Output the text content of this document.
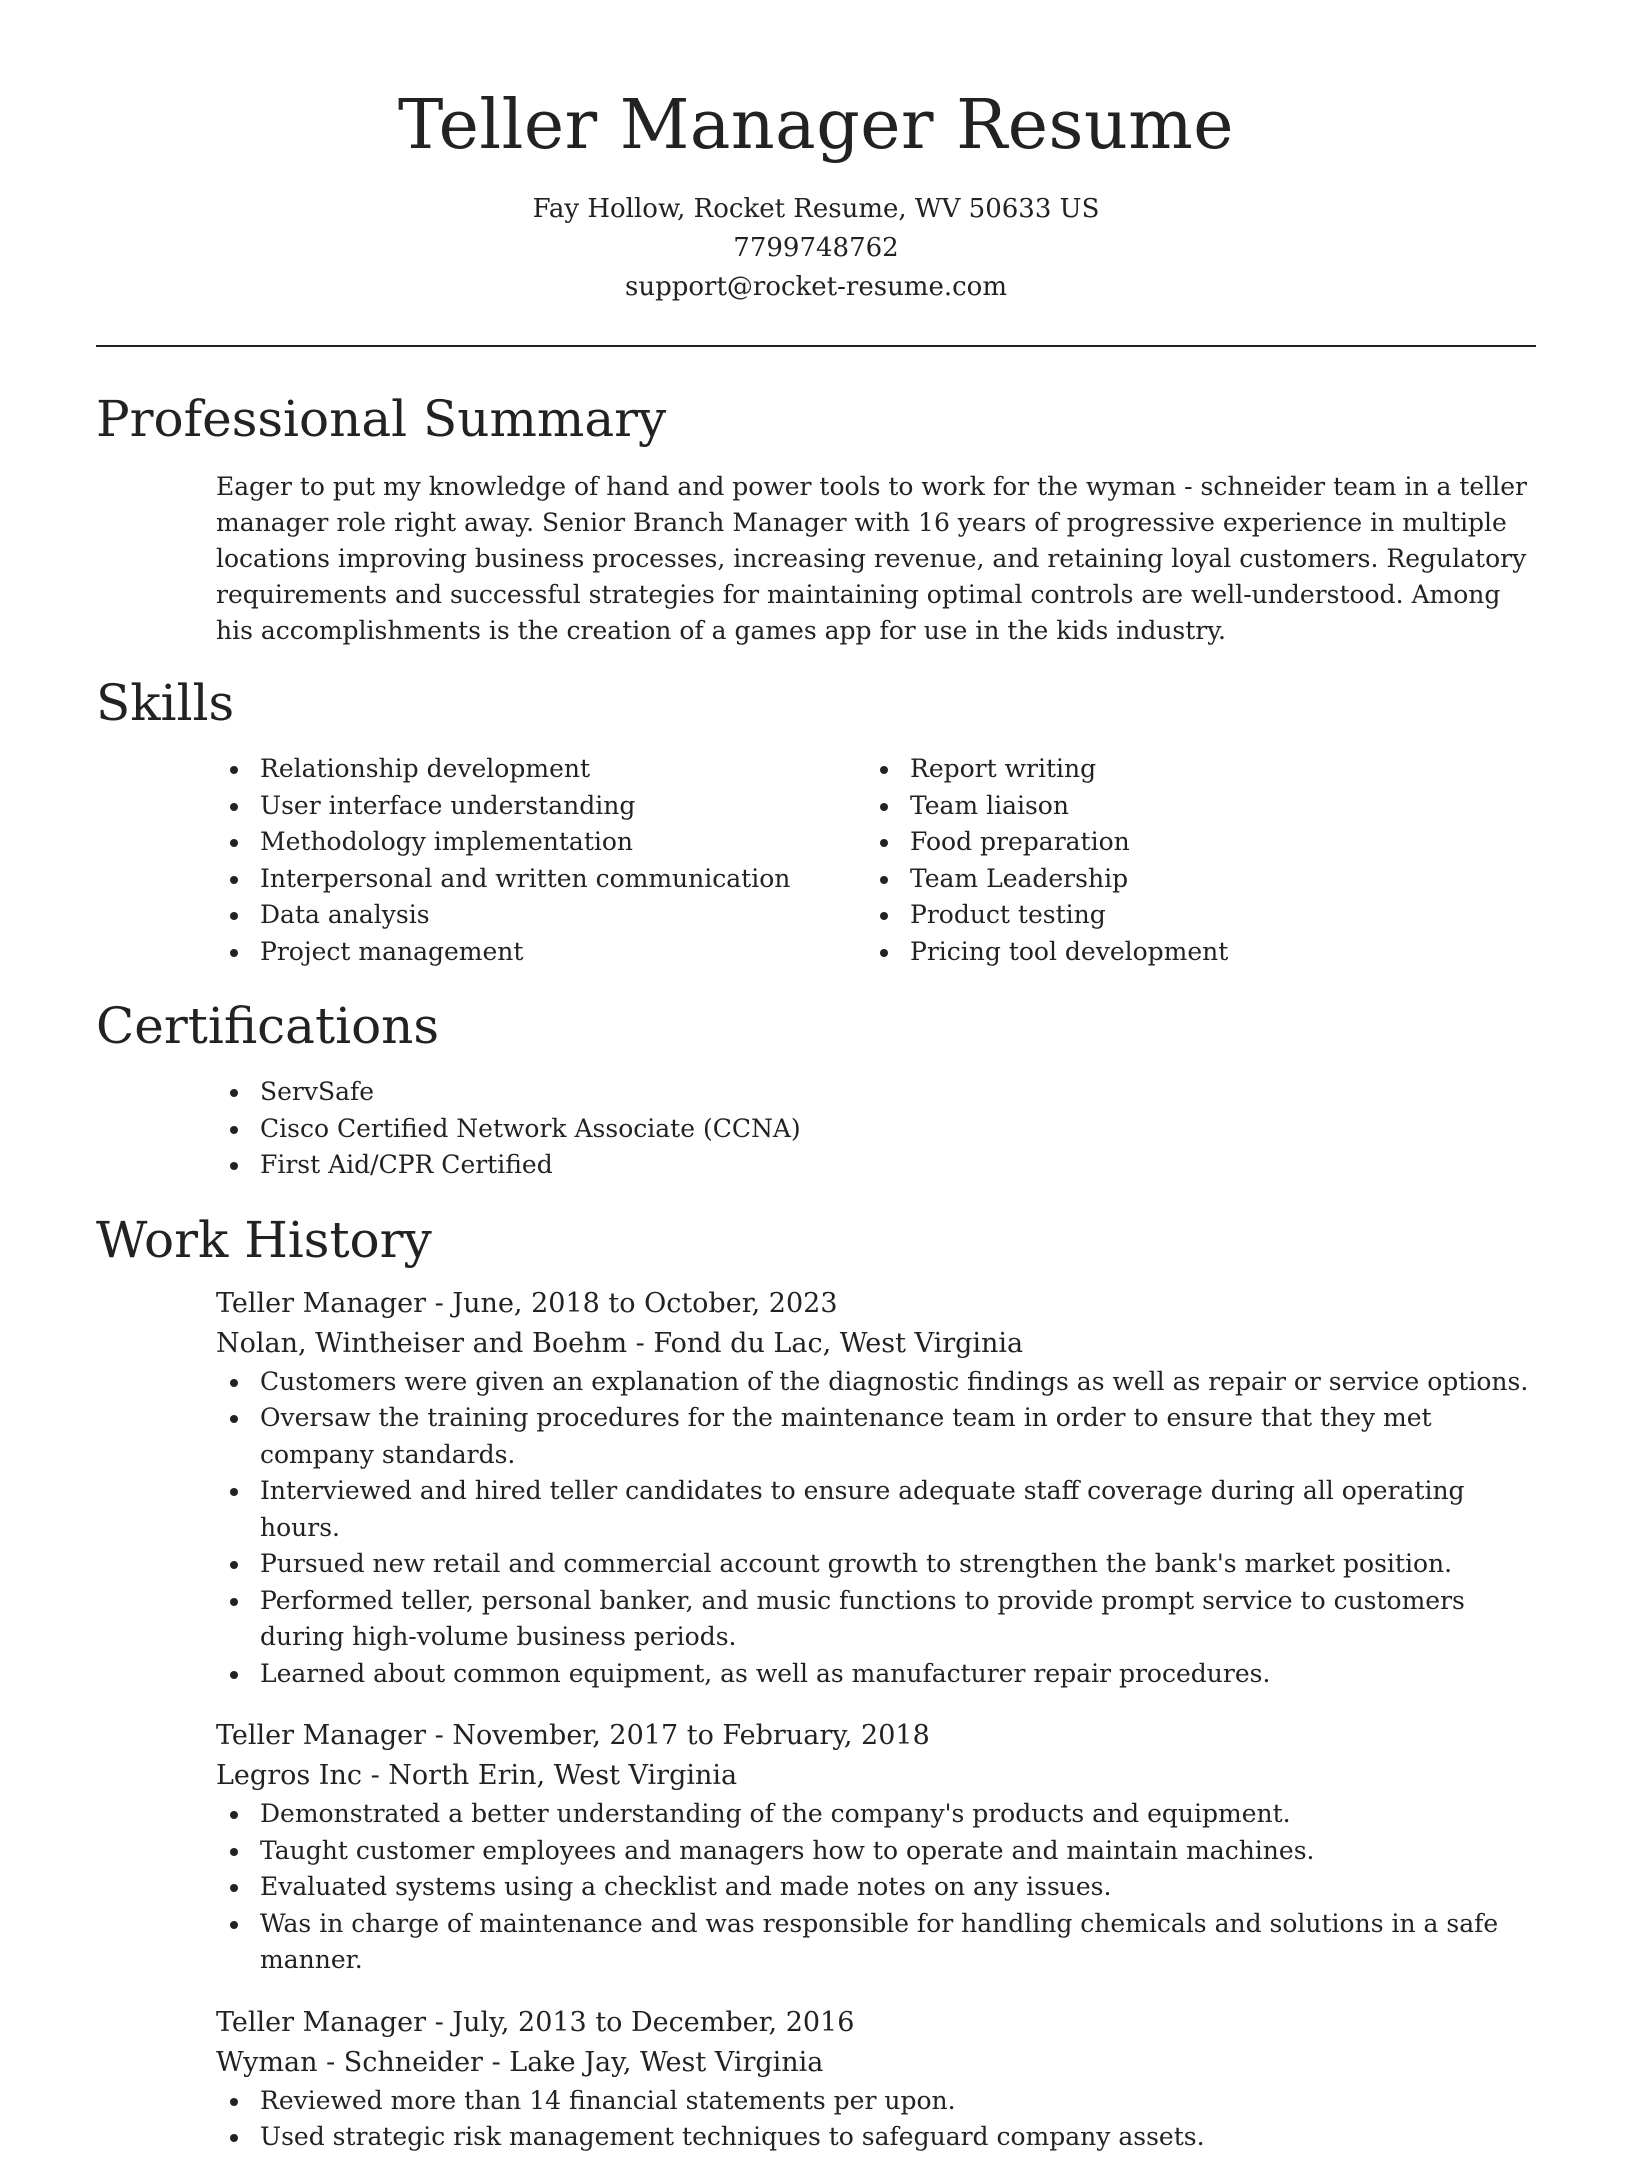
Teller Manager Resume
Fay Hollow, Rocket Resume, WV 50633 US
7799748762
support@rocket-resume.com
Professional Summary
Eager to put my knowledge of hand and power tools to work for the wyman - schneider team in a teller manager role right away. Senior Branch Manager with 16 years of progressive experience in multiple locations improving business processes, increasing revenue, and retaining loyal customers. Regulatory requirements and successful strategies for maintaining optimal controls are well-understood. Among his accomplishments is the creation of a games app for use in the kids industry.
Skills
Relationship development
User interface understanding
Methodology implementation
Interpersonal and written communication
Data analysis
Project management
Report writing
Team liaison
Food preparation
Team Leadership
Product testing
Pricing tool development
Certifications
ServSafe
Cisco Certified Network Associate (CCNA)
First Aid/CPR Certified
Work History
Teller Manager - June, 2018 to October, 2023
Nolan, Wintheiser and Boehm - Fond du Lac, West Virginia
Customers were given an explanation of the diagnostic findings as well as repair or service options.
Oversaw the training procedures for the maintenance team in order to ensure that they met company standards.
Interviewed and hired teller candidates to ensure adequate staff coverage during all operating hours.
Pursued new retail and commercial account growth to strengthen the bank's market position.
Performed teller, personal banker, and music functions to provide prompt service to customers during high-volume business periods.
Learned about common equipment, as well as manufacturer repair procedures.
Teller Manager - November, 2017 to February, 2018
Legros Inc - North Erin, West Virginia
Demonstrated a better understanding of the company's products and equipment.
Taught customer employees and managers how to operate and maintain machines.
Evaluated systems using a checklist and made notes on any issues.
Was in charge of maintenance and was responsible for handling chemicals and solutions in a safe manner.
Teller Manager - July, 2013 to December, 2016
Wyman - Schneider - Lake Jay, West Virginia
Reviewed more than 14 financial statements per upon.
Used strategic risk management techniques to safeguard company assets.
